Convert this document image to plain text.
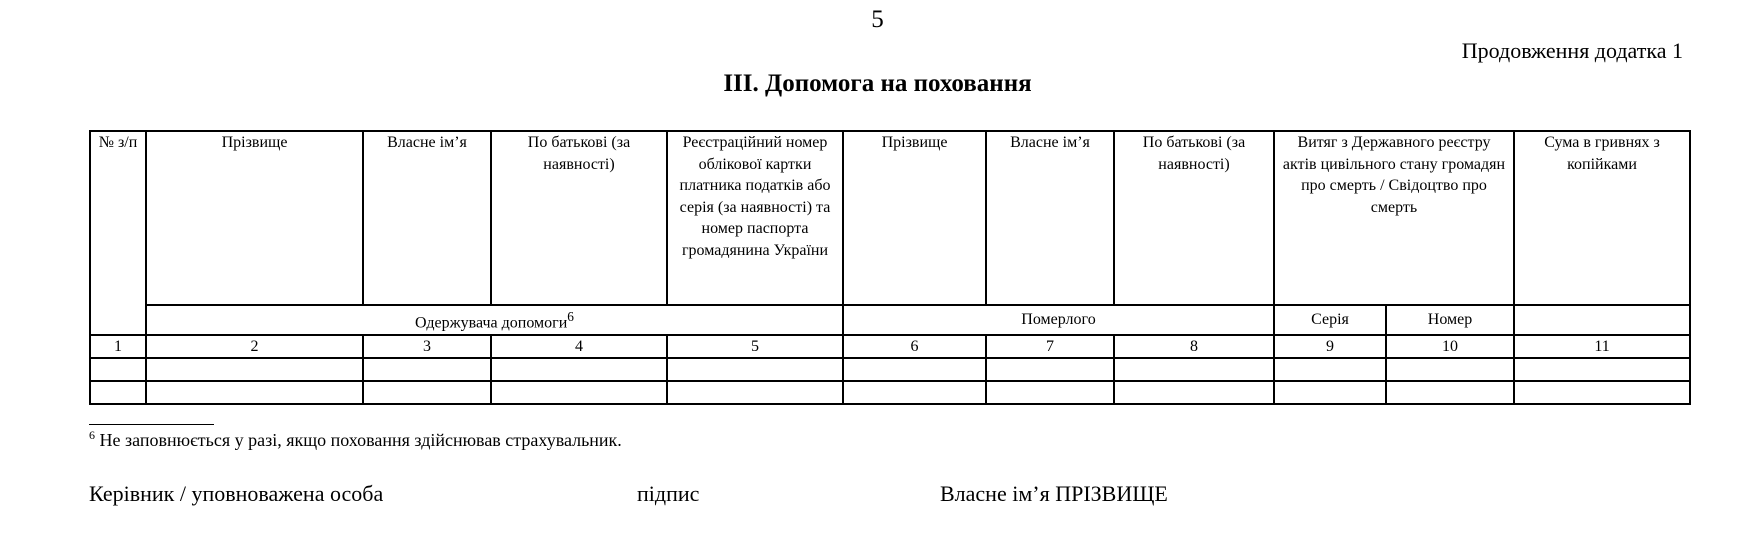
5
Продовження додатка 1
ІІІ. Допомога на поховання
№ з/п	Прізвище	Власне ім’я	По батькові (за наявності)	Реєстраційний номер облікової картки платника податків або серія (за наявності) та номер паспорта громадянина України	Прізвище	Власне ім’я	По батькові (за наявності)	Витяг з Державного реєстру актів цивільного стану громадян про смерть / Свідоцтво про смерть		Сума в гривнях з копійками
	Одержувача допомоги$^6$				Померлого			Серія	Номер	
1	2	3	4	5	6	7	8	9	10	11

$^6$ Не заповнюється у разі, якщо поховання здійснював страхувальник.
Керівник / уповноважена особа	підпис	Власне ім’я ПРІЗВИЩЕ
